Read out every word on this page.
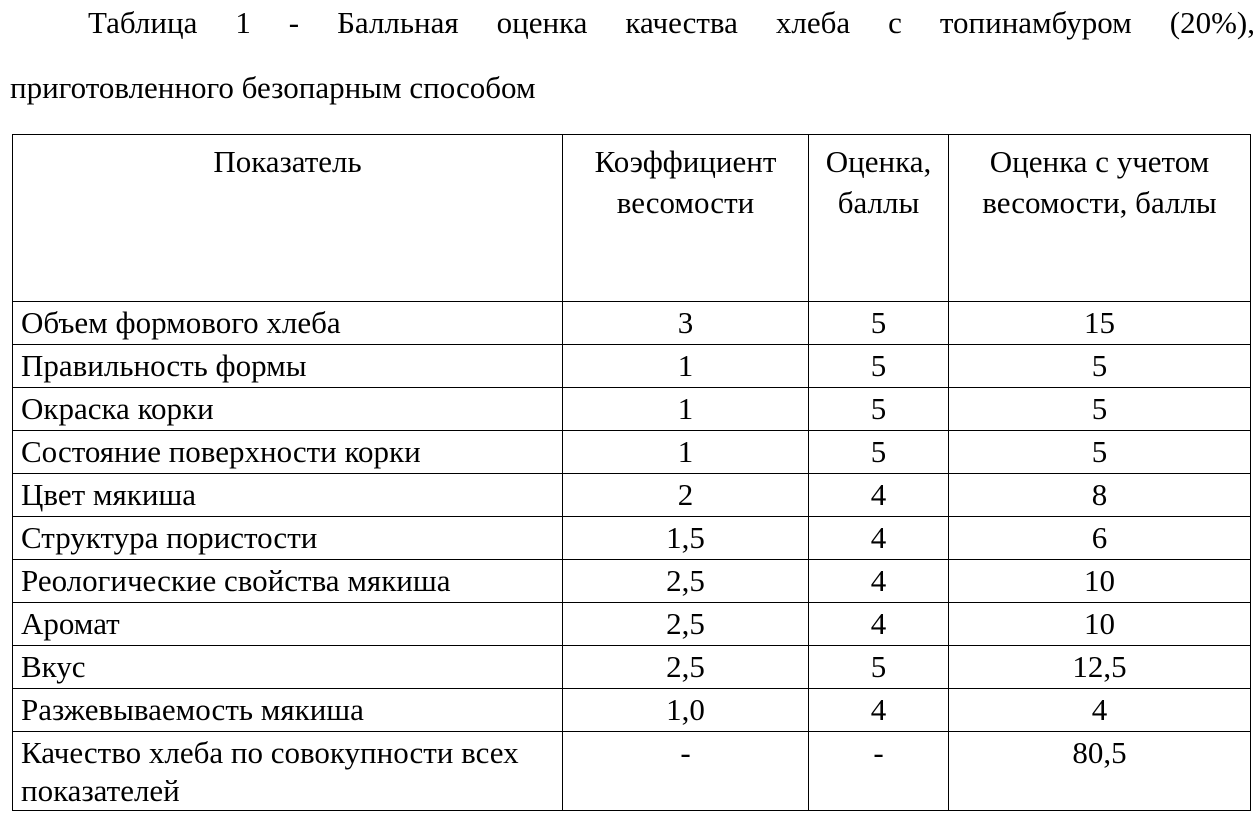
Таблица 1 - Балльная оценка качества хлеба с топинамбуром (20%),
приготовленного безопарным способом
Показатель	Коэффициент весомости	Оценка, баллы	Оценка с учетом весомости, баллы
Объем формового хлеба	3	5	15
Правильность формы	1	5	5
Окраска корки	1	5	5
Состояние поверхности корки	1	5	5
Цвет мякиша	2	4	8
Структура пористости	1,5	4	6
Реологические свойства мякиша	2,5	4	10
Аромат	2,5	4	10
Вкус	2,5	5	12,5
Разжевываемость мякиша	1,0	4	4
Качество хлеба по совокупности всех показателей	-	-	80,5
